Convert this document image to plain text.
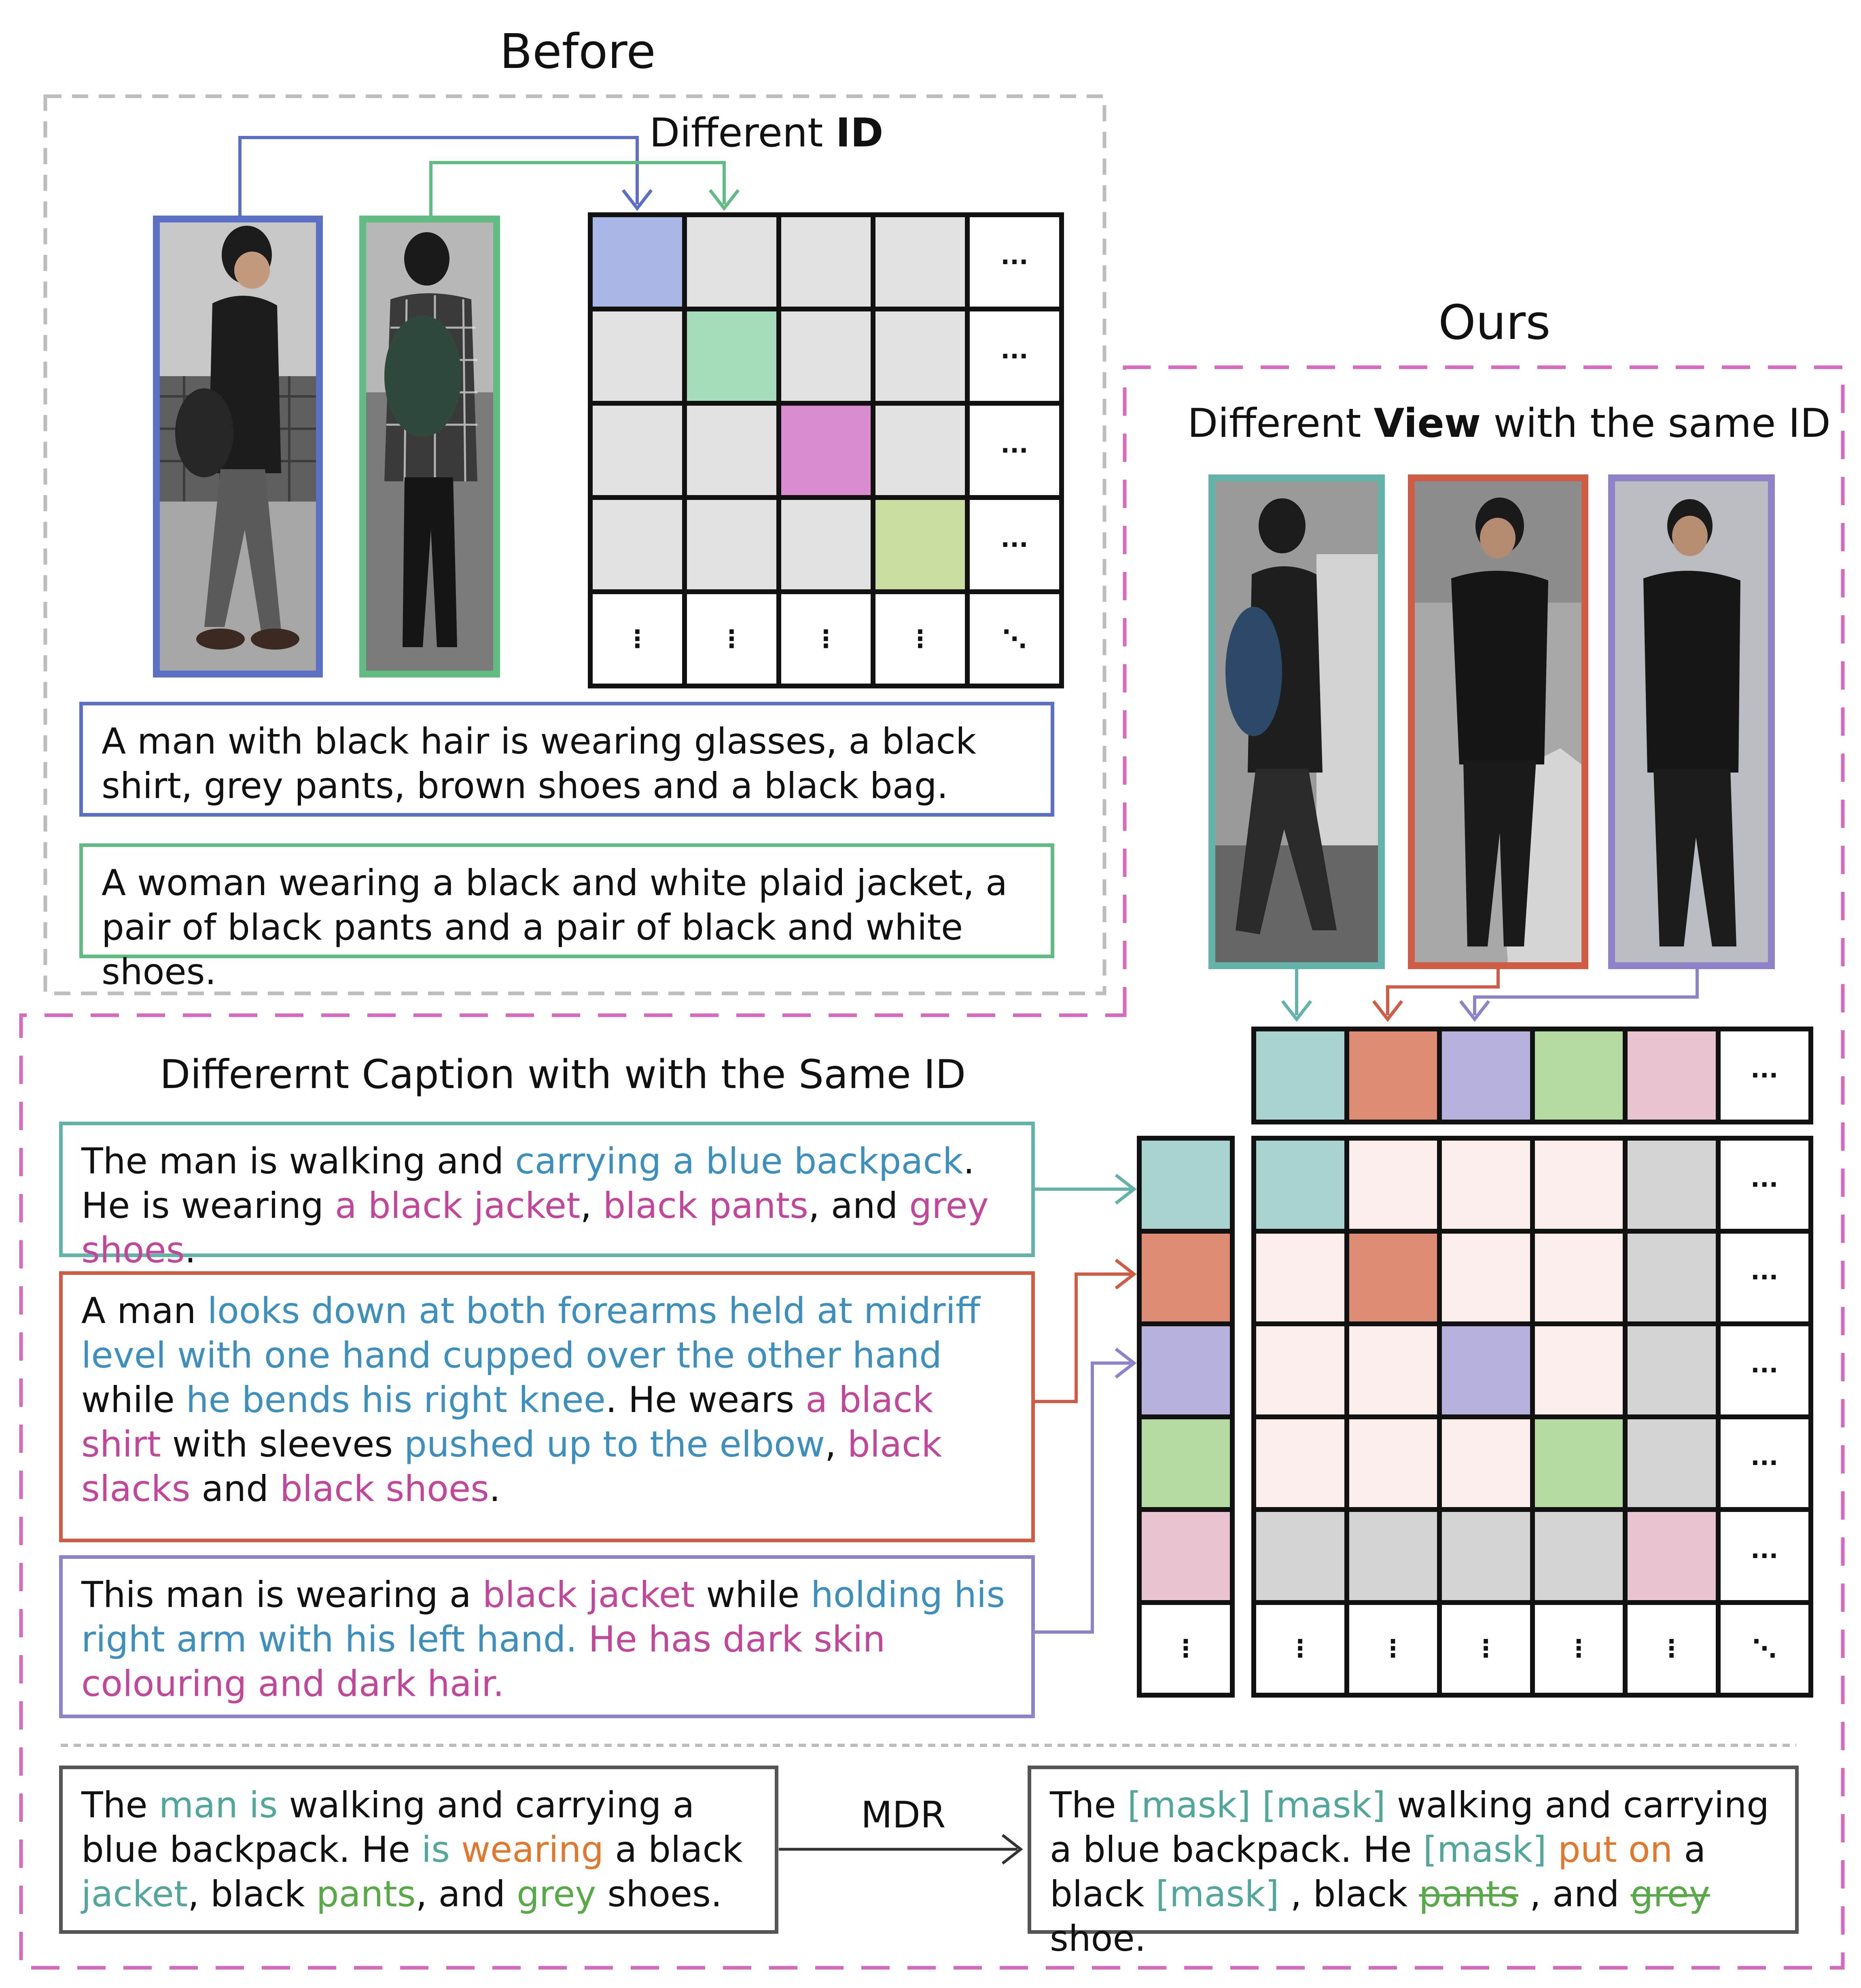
Before
Different ID
···
···
···
···
⋮	⋮	⋮	⋮	⋱
A man with black hair is wearing glasses, a black shirt, grey pants, brown shoes and a black bag.
A woman wearing a black and white plaid jacket, a pair of black pants and a pair of black and white shoes.
Ours
Different View with the same ID
···
⋮
···
···
···
···
···
⋮	⋮	⋮	⋮	⋮	⋱
Differernt Caption with with the Same ID
The man is walking and carrying a blue backpack. He is wearing a black jacket, black pants, and grey shoes.
A man looks down at both forearms held at midriff level with one hand cupped over the other hand while he bends his right knee. He wears a black shirt with sleeves pushed up to the elbow, black slacks and black shoes.
This man is wearing a black jacket while holding his right arm with his left hand. He has dark skin colouring and dark hair.
The man is walking and carrying a blue backpack. He is wearing a black jacket, black pants, and grey shoes.
MDR	The [mask] [mask] walking and carrying a blue backpack. He [mask] put on a black [mask] , black pants , and grey shoe.
